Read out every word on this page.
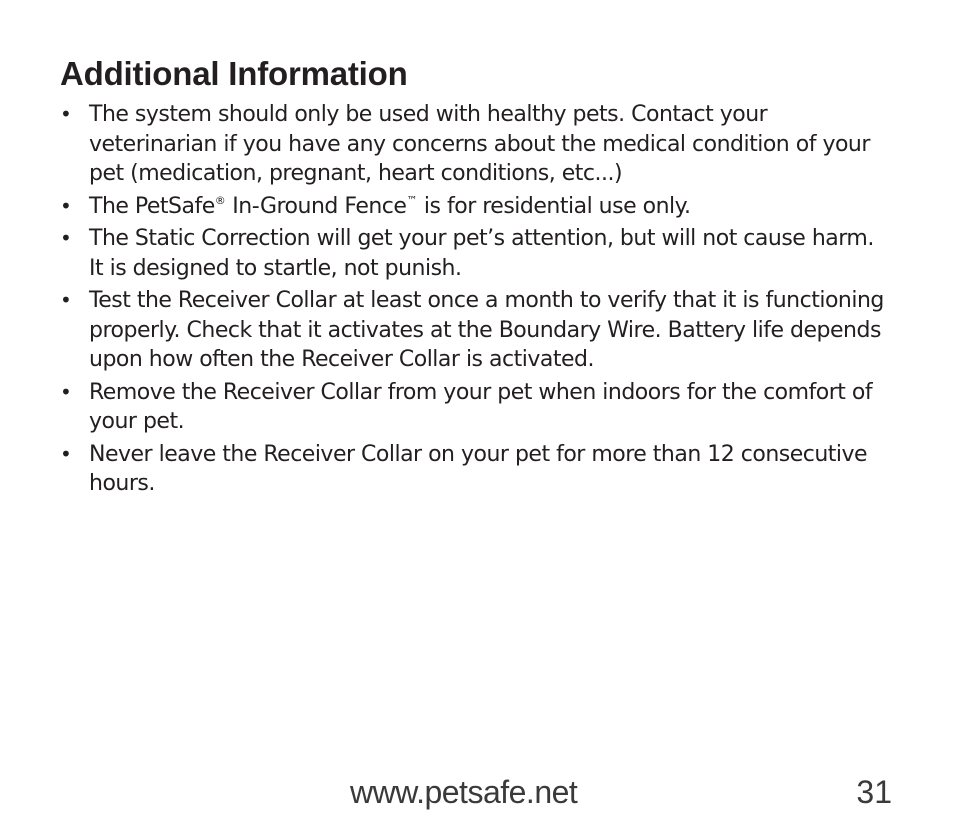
Additional Information
• The system should only be used with healthy pets. Contact your veterinarian if you have any concerns about the medical condition of your pet (medication, pregnant, heart conditions, etc...)
• The PetSafe® In-Ground Fence™ is for residential use only.
• The Static Correction will get your pet’s attention, but will not cause harm. It is designed to startle, not punish.
• Test the Receiver Collar at least once a month to verify that it is functioning properly. Check that it activates at the Boundary Wire. Battery life depends upon how often the Receiver Collar is activated.
• Remove the Receiver Collar from your pet when indoors for the comfort of your pet.
• Never leave the Receiver Collar on your pet for more than 12 consecutive hours.
www.petsafe.net	31
